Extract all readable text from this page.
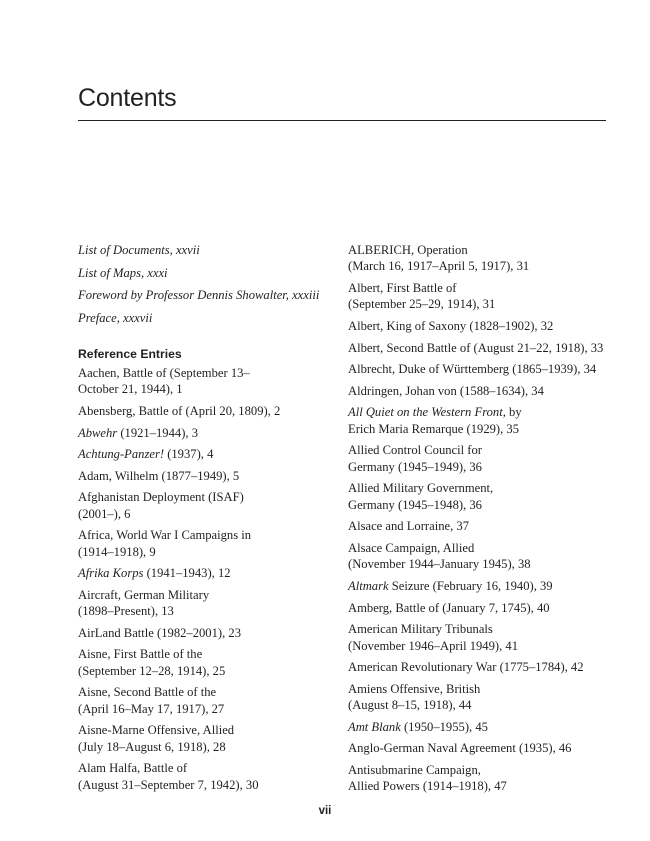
Contents
List of Documents, xxvii
List of Maps, xxxi
Foreword by Professor Dennis Showalter, xxxiii
Preface, xxxvii
Reference Entries
Aachen, Battle of (September 13–
October 21, 1944), 1
Abensberg, Battle of (April 20, 1809), 2
Abwehr (1921–1944), 3
Achtung-Panzer! (1937), 4
Adam, Wilhelm (1877–1949), 5
Afghanistan Deployment (ISAF)
(2001–), 6
Africa, World War I Campaigns in
(1914–1918), 9
Afrika Korps (1941–1943), 12
Aircraft, German Military
(1898–Present), 13
AirLand Battle (1982–2001), 23
Aisne, First Battle of the
(September 12–28, 1914), 25
Aisne, Second Battle of the
(April 16–May 17, 1917), 27
Aisne-Marne Offensive, Allied
(July 18–August 6, 1918), 28
Alam Halfa, Battle of
(August 31–September 7, 1942), 30
ALBERICH, Operation
(March 16, 1917–April 5, 1917), 31
Albert, First Battle of
(September 25–29, 1914), 31
Albert, King of Saxony (1828–1902), 32
Albert, Second Battle of (August 21–22, 1918), 33
Albrecht, Duke of Württemberg (1865–1939), 34
Aldringen, Johan von (1588–1634), 34
All Quiet on the Western Front, by
Erich Maria Remarque (1929), 35
Allied Control Council for
Germany (1945–1949), 36
Allied Military Government,
Germany (1945–1948), 36
Alsace and Lorraine, 37
Alsace Campaign, Allied
(November 1944–January 1945), 38
Altmark Seizure (February 16, 1940), 39
Amberg, Battle of (January 7, 1745), 40
American Military Tribunals
(November 1946–April 1949), 41
American Revolutionary War (1775–1784), 42
Amiens Offensive, British
(August 8–15, 1918), 44
Amt Blank (1950–1955), 45
Anglo-German Naval Agreement (1935), 46
Antisubmarine Campaign,
Allied Powers (1914–1918), 47
vii
